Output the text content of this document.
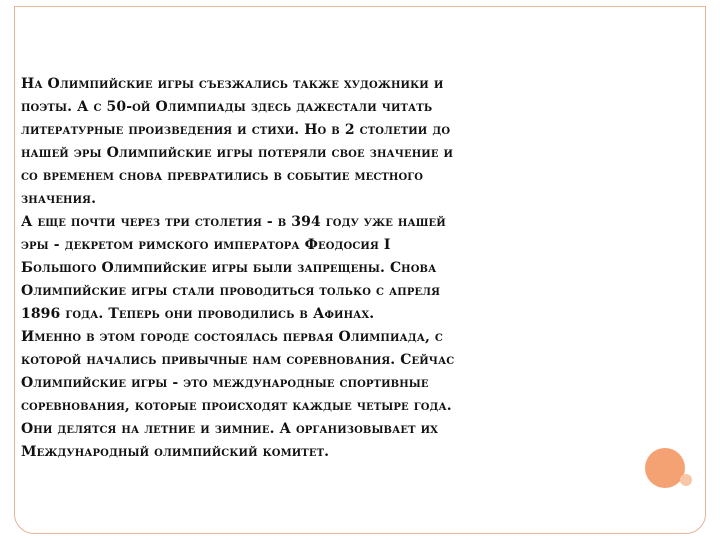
На Олимпийские игры съезжались также художники и
поэты. А с 50-ой Олимпиады здесь дажестали читать
литературные произведения и стихи. Но в 2 столетии до
нашей эры Олимпийские игры потеряли свое значение и
со временем снова превратились в событие местного
значения.
А еще почти через три столетия - в 394 году уже нашей
эры - декретом римского императора Феодосия I
Большого Олимпийские игры были запрещены. Снова
Олимпийские игры стали проводиться только с апреля
1896 года. Теперь они проводились в Афинах.
Именно в этом городе состоялась первая Олимпиада, с
которой начались привычные нам соревнования. Сейчас
Олимпийские игры - это международные спортивные
соревнования, которые происходят каждые четыре года.
Они делятся на летние и зимние. А организовывает их
Международный олимпийский комитет.
